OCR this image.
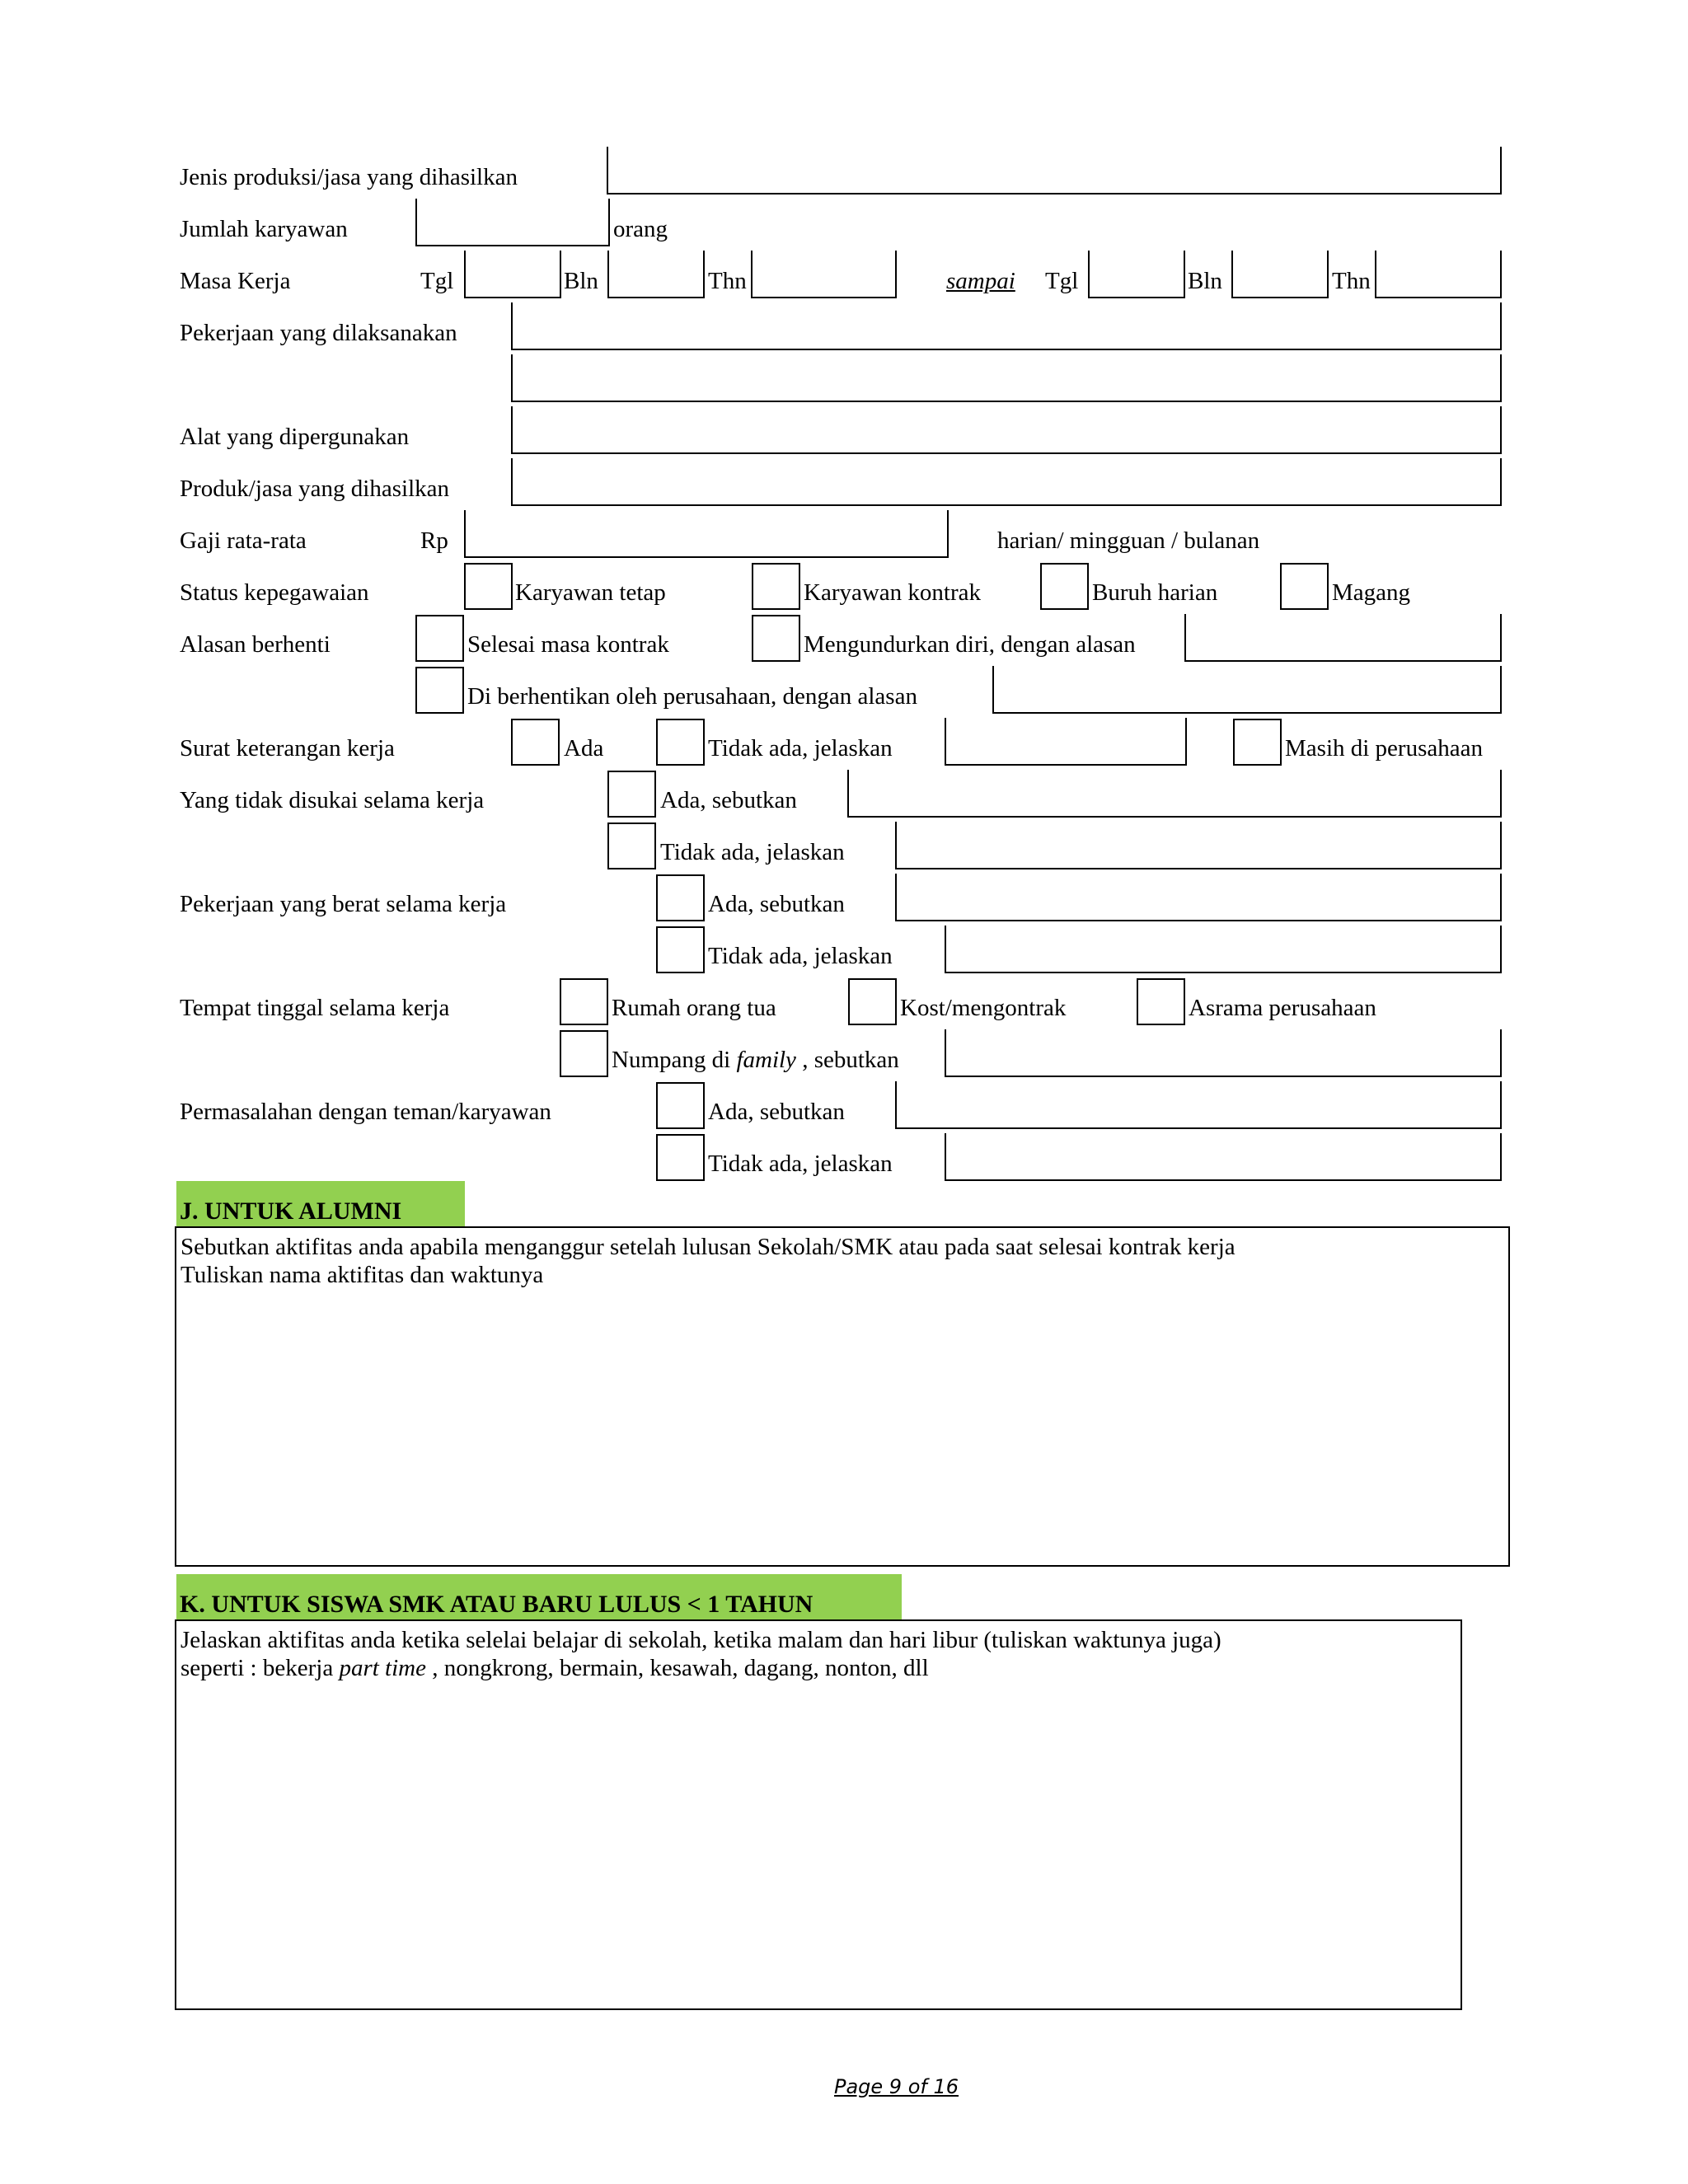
Jenis produksi/jasa yang dihasilkan
Jumlah karyawan	orang
Masa Kerja	Tgl	Bln	Thn	sampai Tgl	Bln	Thn
Pekerjaan yang dilaksanakan
Alat yang dipergunakan
Produk/jasa yang dihasilkan
Gaji rata-rata	Rp	harian/ mingguan / bulanan
Status kepegawaian	Karyawan tetap	Karyawan kontrak	Buruh harian	Magang
Alasan berhenti	Selesai masa kontrak	Mengundurkan diri, dengan alasan
Di berhentikan oleh perusahaan, dengan alasan
Surat keterangan kerja	Ada	Tidak ada, jelaskan	Masih di perusahaan
Yang tidak disukai selama kerja	Ada, sebutkan
Tidak ada, jelaskan
Pekerjaan yang berat selama kerja	Ada, sebutkan
Tidak ada, jelaskan
Tempat tinggal selama kerja	Rumah orang tua	Kost/mengontrak	Asrama perusahaan
Numpang di family , sebutkan
Permasalahan dengan teman/karyawan	Ada, sebutkan
Tidak ada, jelaskan
J. UNTUK ALUMNI
Sebutkan aktifitas anda apabila menganggur setelah lulusan Sekolah/SMK atau pada saat selesai kontrak kerja
Tuliskan nama aktifitas dan waktunya
K. UNTUK SISWA SMK ATAU BARU LULUS < 1 TAHUN
Jelaskan aktifitas anda ketika selelai belajar di sekolah, ketika malam dan hari libur (tuliskan waktunya juga)
seperti : bekerja part time , nongkrong, bermain, kesawah, dagang, nonton, dll
Page 9 of 16
